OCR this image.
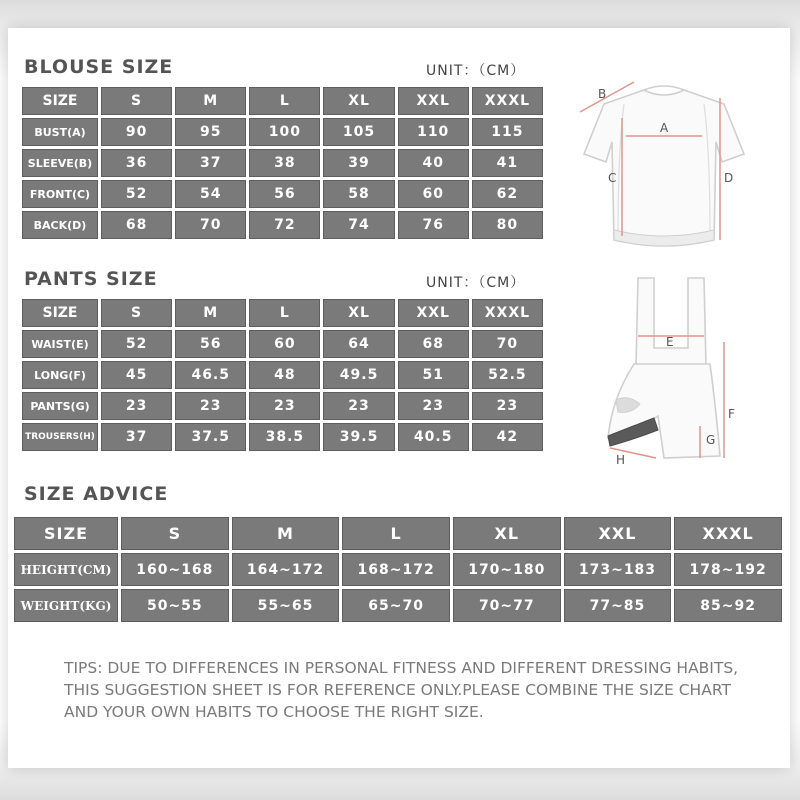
BLOUSE SIZE	UNIT：（CM）
SIZE	S	M	L	XL	XXL	XXXL
BUST(A)	90	95	100	105	110	115
SLEEVE(B)	36	37	38	39	40	41
FRONT(C)	52	54	56	58	60	62
BACK(D)	68	70	72	74	76	80
PANTS SIZE	UNIT：（CM）
SIZE	S	M	L	XL	XXL	XXXL
WAIST(E)	52	56	60	64	68	70
LONG(F)	45	46.5	48	49.5	51	52.5
PANTS(G)	23	23	23	23	23	23
TROUSERS(H)	37	37.5	38.5	39.5	40.5	42
SIZE ADVICE
SIZE	S	M	L	XL	XXL	XXXL
HEIGHT(CM)	160~168	164~172	168~172	170~180	173~183	178~192
WEIGHT(KG)	50~55	55~65	65~70	70~77	77~85	85~92

TIPS: DUE TO DIFFERENCES IN PERSONAL FITNESS AND DIFFERENT DRESSING HABITS, THIS SUGGESTION SHEET IS FOR REFERENCE ONLY.PLEASE COMBINE THE SIZE CHART AND YOUR OWN HABITS TO CHOOSE THE RIGHT SIZE.

A
B
C	D
E
F
G
H
